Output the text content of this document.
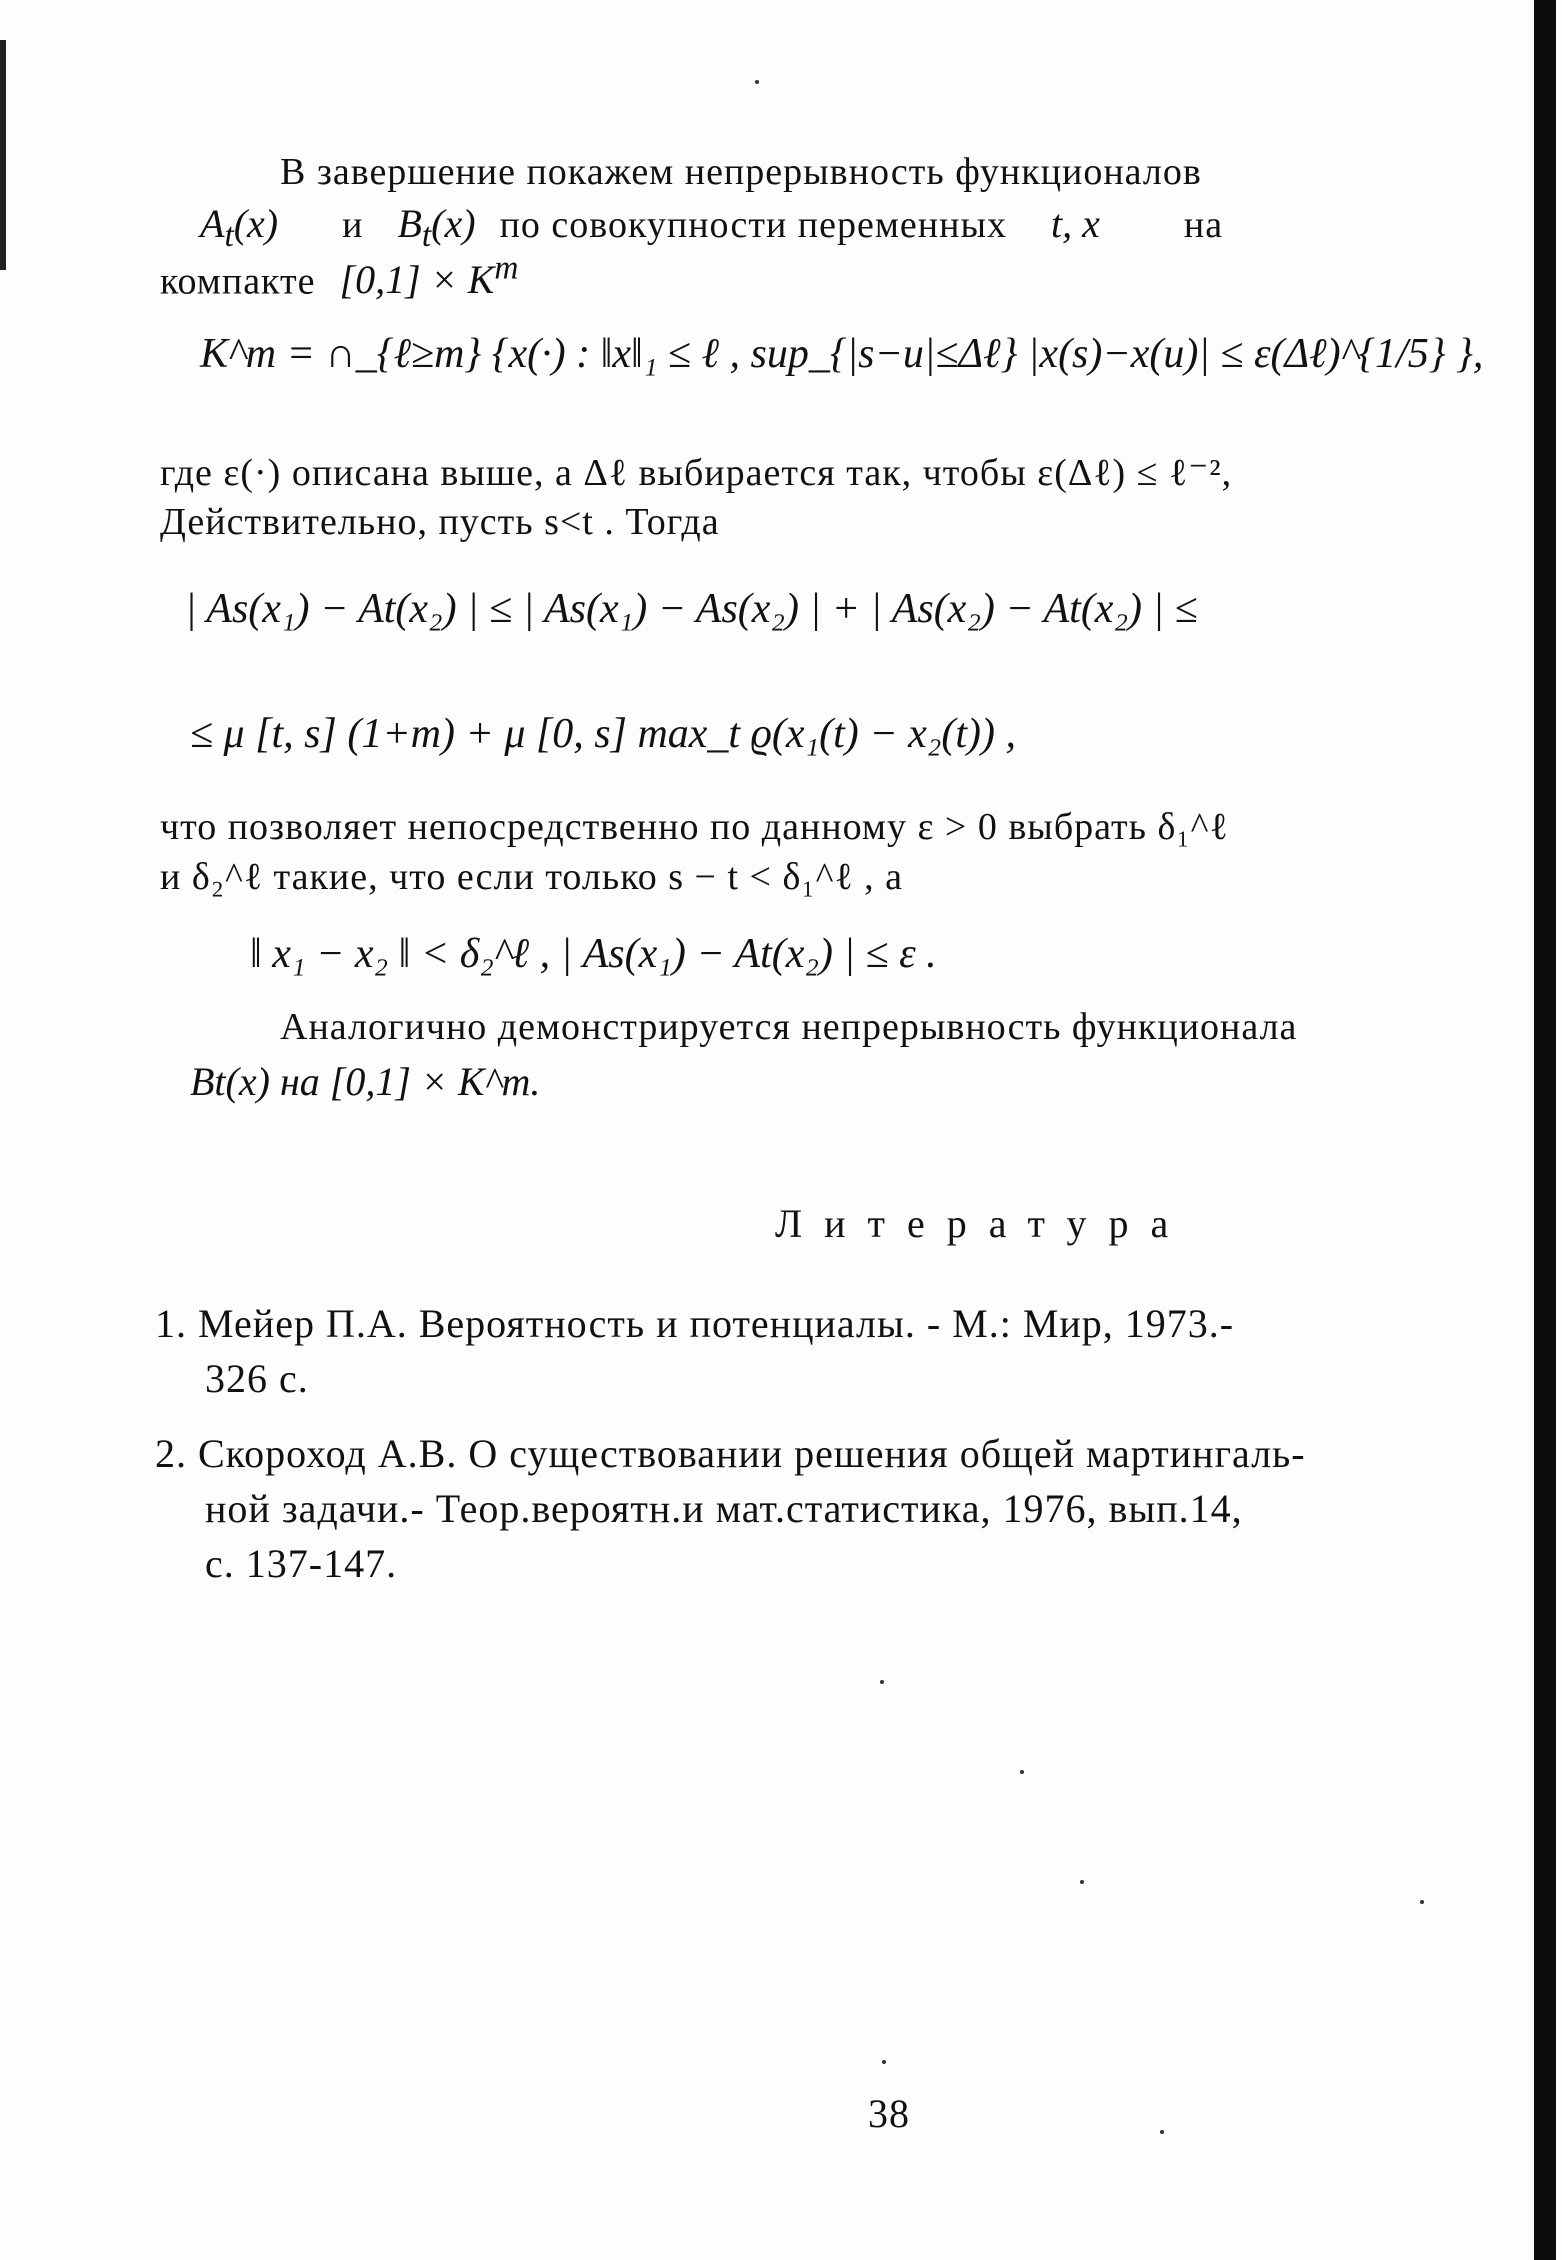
В завершение покажем непрерывность функционалов
$A_t(x)$ и $B_t(x)$ по совокупности переменных t, x на
компакте $[0,1] \times K^m$
K^m = ∩_{ℓ≥m} {x(·) : ‖x‖₁ ≤ ℓ , sup_{|s−u|≤Δℓ} |x(s)−x(u)| ≤ ε(Δℓ)^{1/5} },
где ε(·) описана выше, а Δℓ выбирается так, чтобы ε(Δℓ) ≤ ℓ⁻²,
Действительно, пусть s<t . Тогда
| As(x₁) − At(x₂) | ≤ | As(x₁) − As(x₂) | + | As(x₂) − At(x₂) | ≤
≤ μ [t, s] (1+m) + μ [0, s] max_t ϱ(x₁(t) − x₂(t)) ,
что позволяет непосредственно по данному ε > 0 выбрать δ₁^ℓ
и δ₂^ℓ такие, что если только s − t < δ₁^ℓ , а
‖ x₁ − x₂ ‖ < δ₂^ℓ , | As(x₁) − At(x₂) | ≤ ε .
Аналогично демонстрируется непрерывность функционала
Bt(x) на [0,1] × K^m.
Литература
1. Мейер П.А. Вероятность и потенциалы. - М.: Мир, 1973.-
326 с.
2. Скороход А.В. О существовании решения общей мартингаль-
ной задачи.- Теор.вероятн.и мат.статистика, 1976, вып.14,
с. 137-147.
38
